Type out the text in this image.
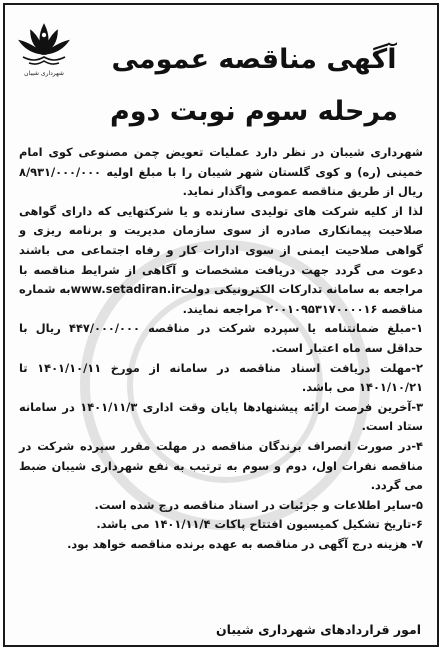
شهرداری شیبان	آگهی مناقصه عمومی
مرحله سوم نوبت دوم

شهرداری شیبان در نظر دارد عملیات تعویض چمن مصنوعی کوی امام خمینی (ره) و کوی گلستان شهر شیبان را با مبلغ اولیه ۸/۹۳۱/۰۰۰/۰۰۰ ریال از طریق مناقصه عمومی واگذار نماید.

لذا از کلیه شرکت های تولیدی سازنده و یا شرکتهایی که دارای گواهی صلاحیت پیمانکاری صادره از سوی سازمان مدیریت و برنامه ریزی و گواهی صلاحیت ایمنی از سوی ادارات کار و رفاه اجتماعی می باشند دعوت می گردد جهت دریافت مشخصات و آگاهی از شرایط مناقصه با مراجعه به سامانه تدارکات الکترونیکی دولتwww.setadiran.irبه شماره مناقصه ۲۰۰۱۰۹۵۳۱۷۰۰۰۰۱۶ مراجعه نمایند.

۱-مبلغ ضمانتنامه یا سپرده شرکت در مناقصه ۴۴۷/۰۰۰/۰۰۰ ریال با حداقل سه ماه اعتبار است.

۲-مهلت دریافت اسناد مناقصه در سامانه از مورخ ۱۴۰۱/۱۰/۱۱ تا ۱۴۰۱/۱۰/۲۱ می باشد.

۳-آخرین فرصت ارائه پیشنهادها پایان وقت اداری ۱۴۰۱/۱۱/۳ در سامانه ستاد است.

۴-در صورت انصراف برندگان مناقصه در مهلت مقرر سپرده شرکت در مناقصه نفرات اول، دوم و سوم به ترتیب به نفع شهرداری شیبان ضبط می گردد.

۵-سایر اطلاعات و جزئیات در اسناد مناقصه درج شده است.

۶-تاریخ تشکیل کمیسیون افتتاح پاکات ۱۴۰۱/۱۱/۴ می باشد.

۷- هزینه درج آگهی در مناقصه به عهده برنده مناقصه خواهد بود.

امور قراردادهای شهرداری شیبان
